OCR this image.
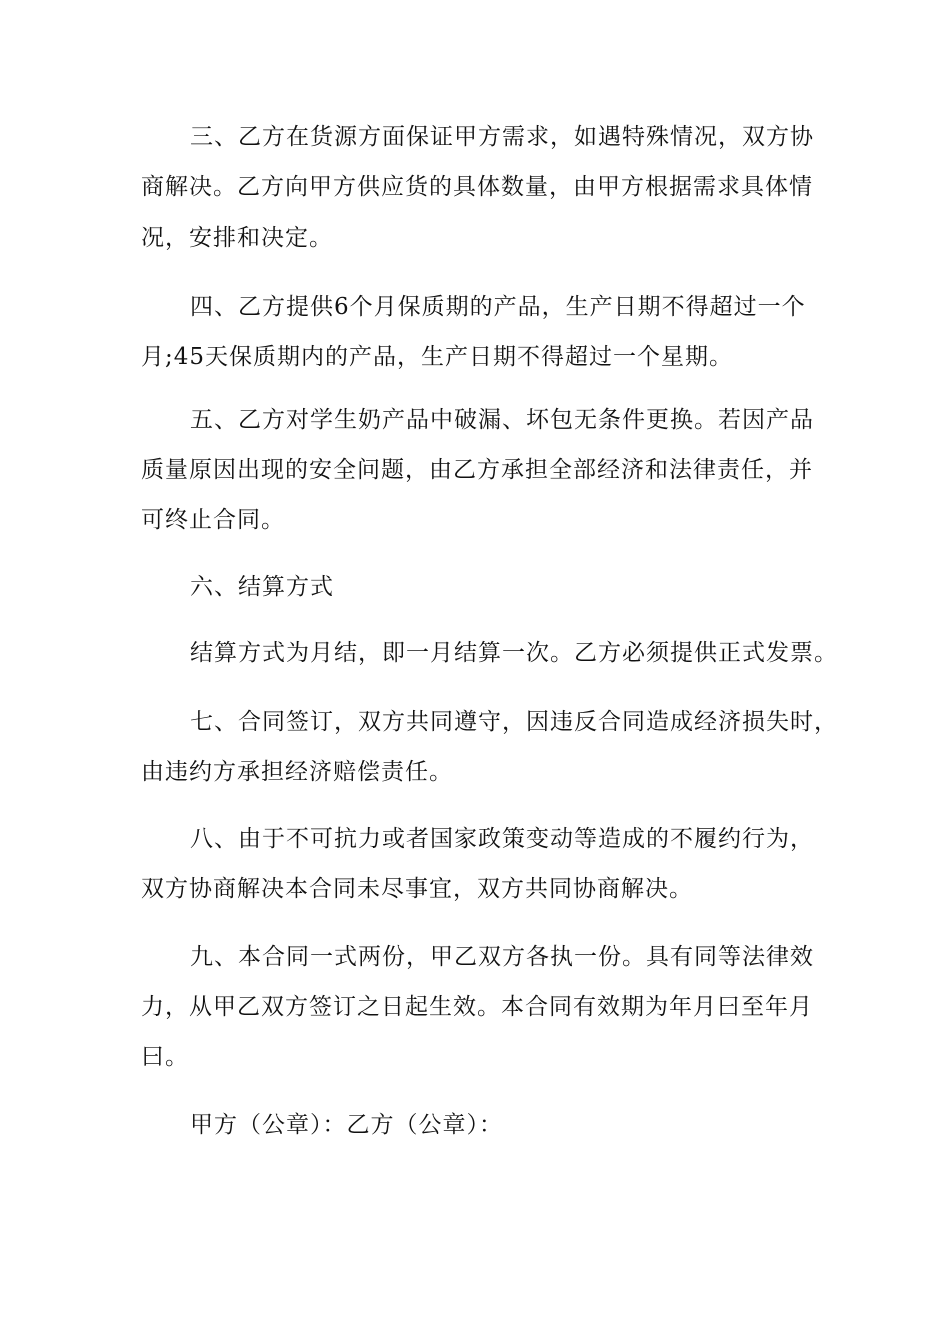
三、乙方在货源方面保证甲方需求，如遇特殊情况，双方协
商解决。乙方向甲方供应货的具体数量，由甲方根据需求具体情
况，安排和决定。
四、乙方提供6个月保质期的产品，生产日期不得超过一个
月;45天保质期内的产品，生产日期不得超过一个星期。
五、乙方对学生奶产品中破漏、坏包无条件更换。若因产品
质量原因出现的安全问题，由乙方承担全部经济和法律责任，并
可终止合同。
六、结算方式
结算方式为月结，即一月结算一次。乙方必须提供正式发票。
七、合同签订，双方共同遵守，因违反合同造成经济损失时，
由违约方承担经济赔偿责任。
八、由于不可抗力或者国家政策变动等造成的不履约行为，
双方协商解决本合同未尽事宜，双方共同协商解决。
九、本合同一式两份，甲乙双方各执一份。具有同等法律效
力，从甲乙双方签订之日起生效。本合同有效期为年月曰至年月
曰。
甲方（公章）：乙方（公章）：
